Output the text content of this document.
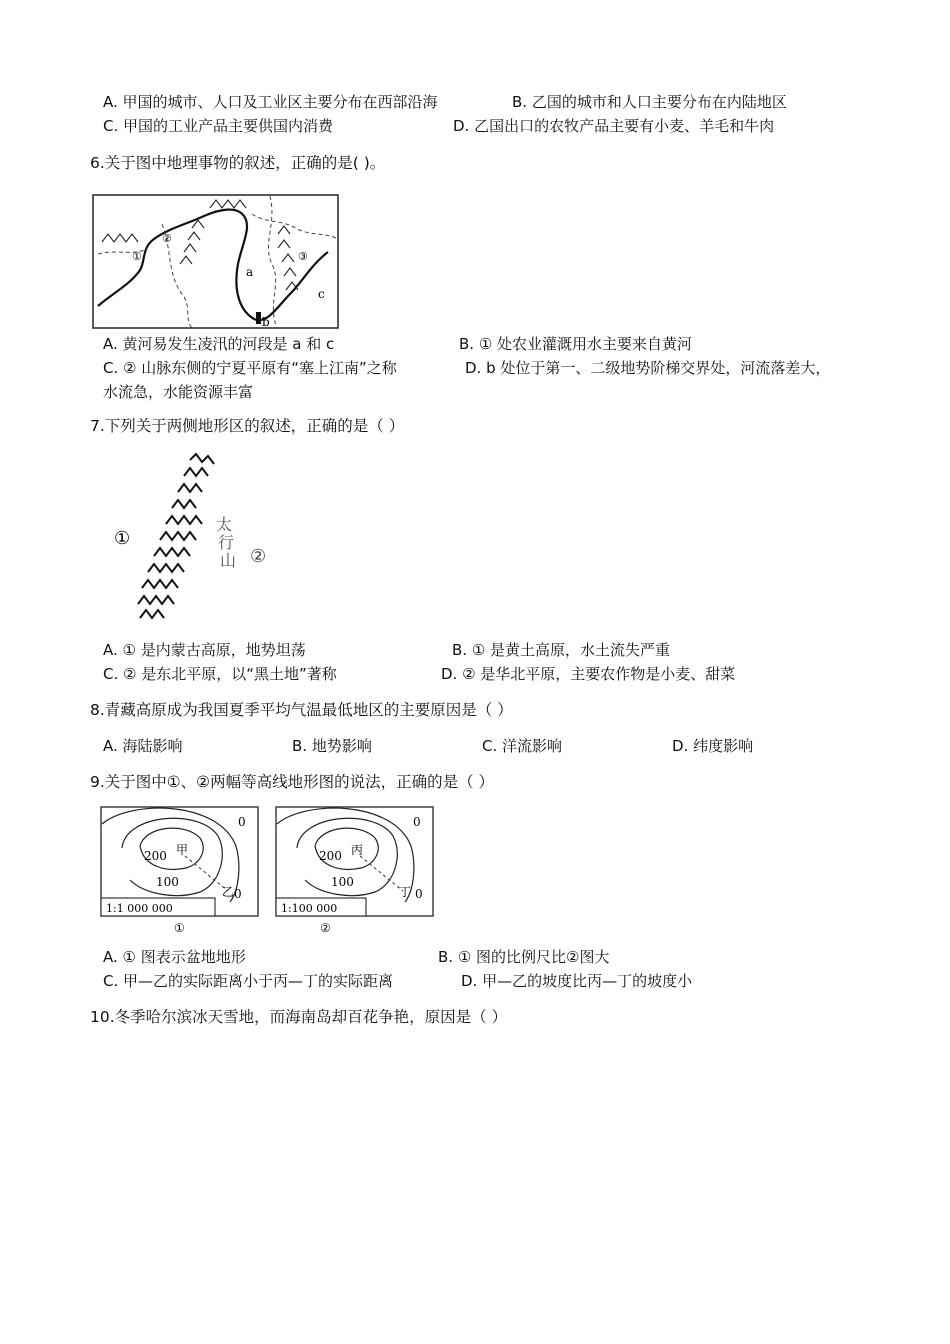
A. 甲国的城市、人口及工业区主要分布在西部沿海	B. 乙国的城市和人口主要分布在内陆地区
C. 甲国的工业产品主要供国内消费	D. 乙国出口的农牧产品主要有小麦、羊毛和牛肉
6.关于图中地理事物的叙述，正确的是( )。
①
②
③
a
b
c
A. 黄河易发生凌汛的河段是 a 和 c	B. ① 处农业灌溉用水主要来自黄河
C. ② 山脉东侧的宁夏平原有“塞上江南”之称	D. b 处位于第一、二级地势阶梯交界处，河流落差大，
水流急，水能资源丰富
7.下列关于两侧地形区的叙述，正确的是（ ）
①
②
太行山
A. ① 是内蒙古高原，地势坦荡	B. ① 是黄土高原，水土流失严重
C. ② 是东北平原，以“黑土地”著称	D. ② 是华北平原，主要农作物是小麦、甜菜
8.青藏高原成为我国夏季平均气温最低地区的主要原因是（ ）
A. 海陆影响	B. 地势影响	C. 洋流影响	D. 纬度影响
9.关于图中①、②两幅等高线地形图的说法，正确的是（ ）
200
100
0
0
甲
乙
1:1 000 000
①
200
100
0
0
丙
丁
1:100 000
②
A. ① 图表示盆地地形	B. ① 图的比例尺比②图大
C. 甲—乙的实际距离小于丙—丁的实际距离	D. 甲—乙的坡度比丙—丁的坡度小
10.冬季哈尔滨冰天雪地，而海南岛却百花争艳，原因是（ ）
